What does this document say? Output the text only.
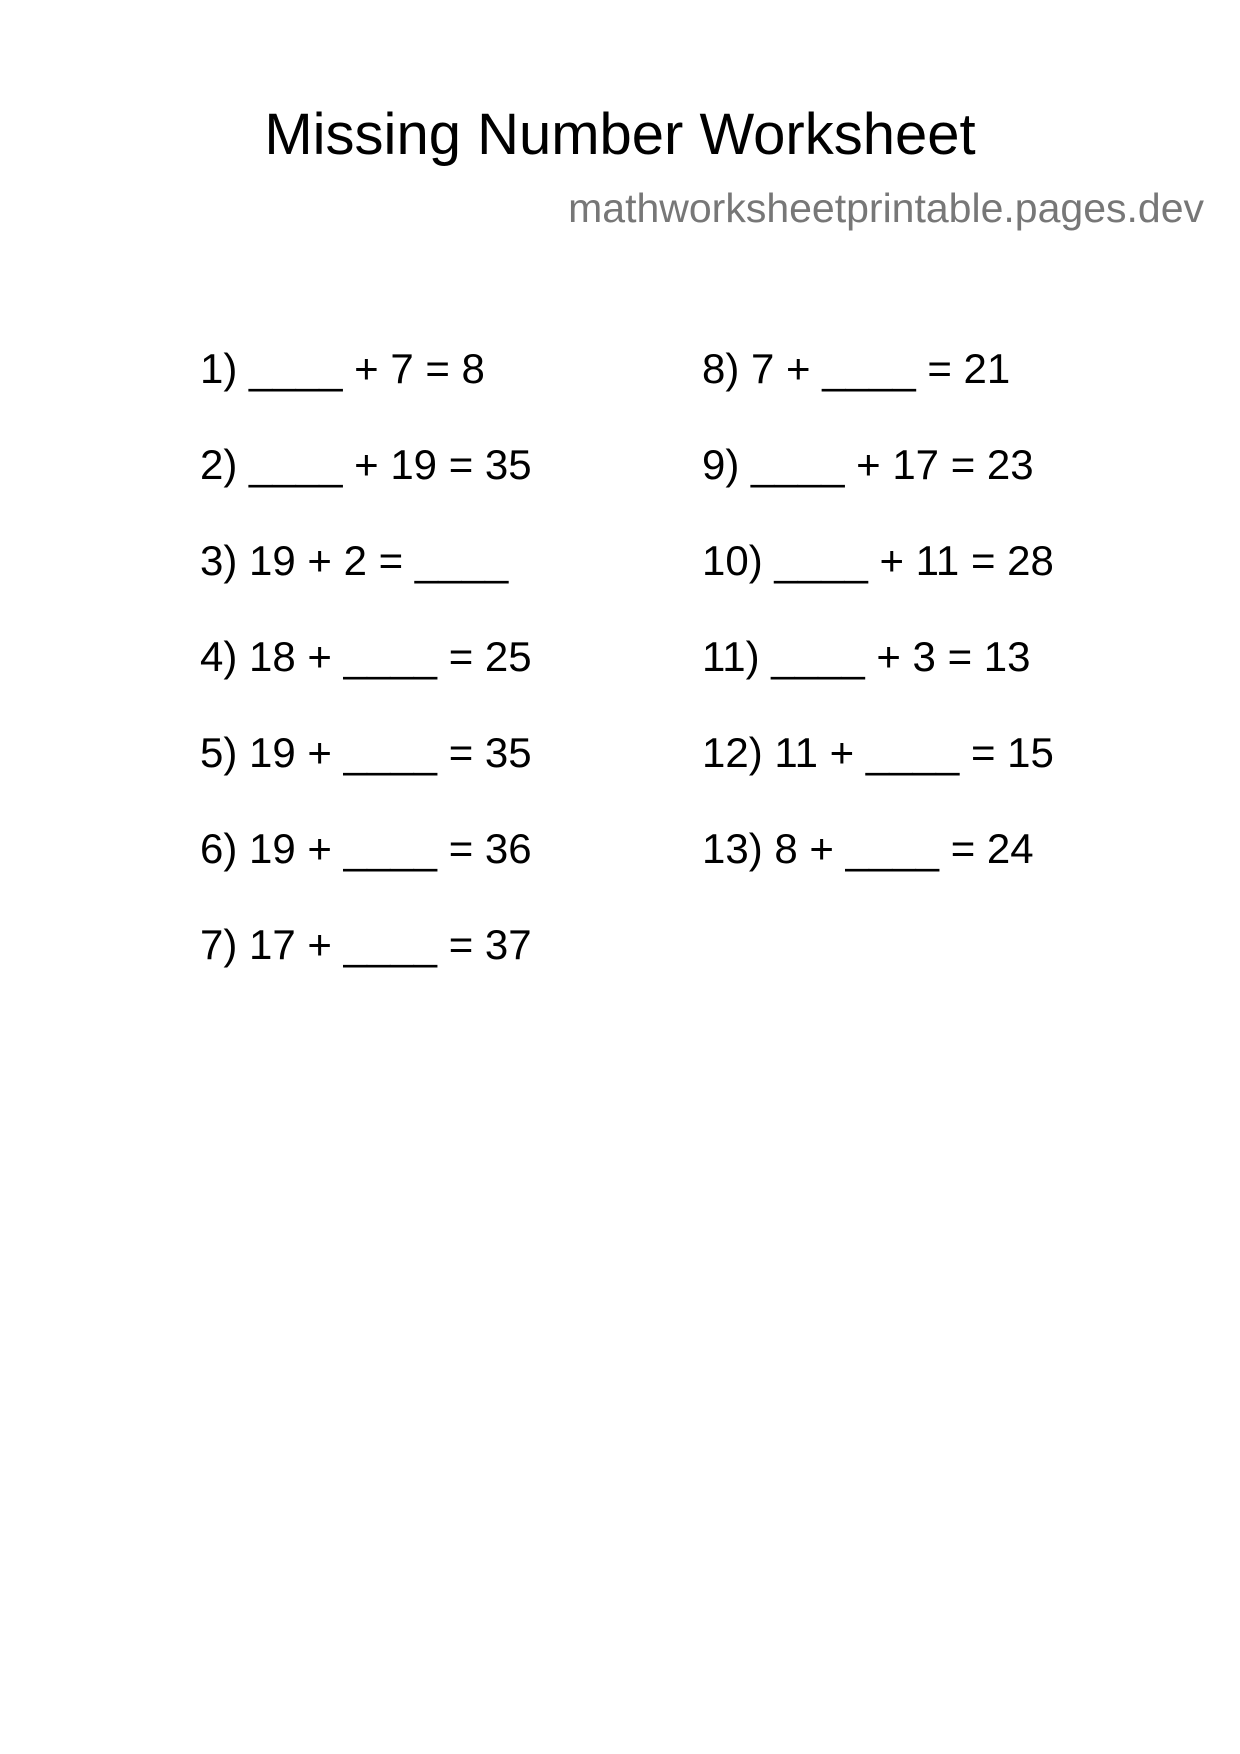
Missing Number Worksheet
mathworksheetprintable.pages.dev
1) ____ + 7 = 8
2) ____ + 19 = 35
3) 19 + 2 = ____
4) 18 + ____ = 25
5) 19 + ____ = 35
6) 19 + ____ = 36
7) 17 + ____ = 37
8) 7 + ____ = 21
9) ____ + 17 = 23
10) ____ + 11 = 28
11) ____ + 3 = 13
12) 11 + ____ = 15
13) 8 + ____ = 24
